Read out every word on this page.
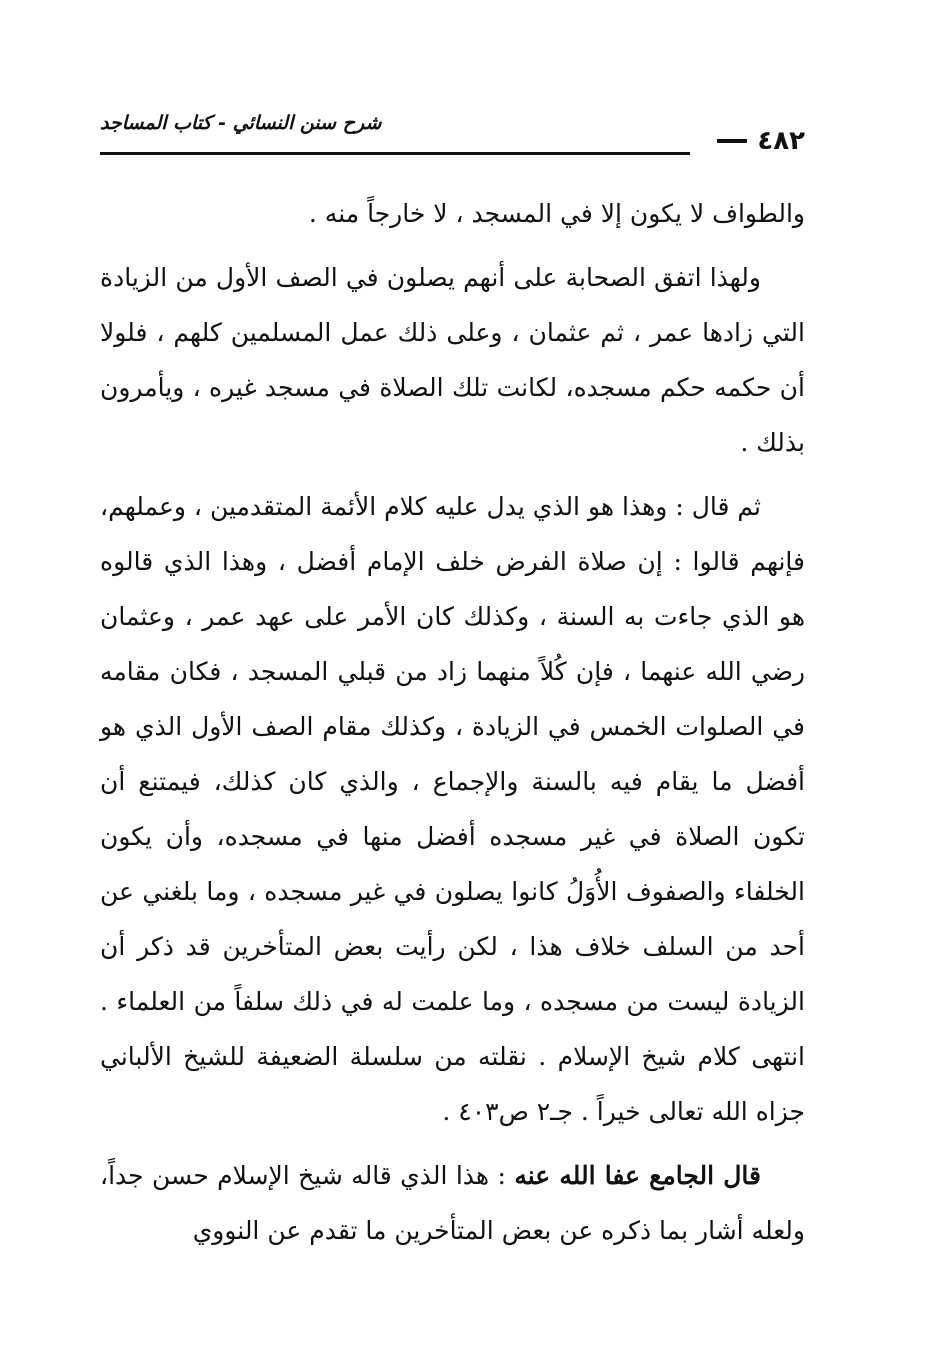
٤٨٢
شرح سنن النسائي - كتاب المساجد

والطواف لا يكون إلا في المسجد ، لا خارجاً منه .

ولهذا اتفق الصحابة على أنهم يصلون في الصف الأول من الزيادة التي زادها عمر ، ثم عثمان ، وعلى ذلك عمل المسلمين كلهم ، فلولا أن حكمه حكم مسجده، لكانت تلك الصلاة في مسجد غيره ، ويأمرون بذلك .

ثم قال : وهذا هو الذي يدل عليه كلام الأئمة المتقدمين ، وعملهم، فإنهم قالوا : إن صلاة الفرض خلف الإمام أفضل ، وهذا الذي قالوه هو الذي جاءت به السنة ، وكذلك كان الأمر على عهد عمر ، وعثمان رضي الله عنهما ، فإن كُلاً منهما زاد من قبلي المسجد ، فكان مقامه في الصلوات الخمس في الزيادة ، وكذلك مقام الصف الأول الذي هو أفضل ما يقام فيه بالسنة والإجماع ، والذي كان كذلك، فيمتنع أن تكون الصلاة في غير مسجده أفضل منها في مسجده، وأن يكون الخلفاء والصفوف الأُوَلُ كانوا يصلون في غير مسجده ، وما بلغني عن أحد من السلف خلاف هذا ، لكن رأيت بعض المتأخرين قد ذكر أن الزيادة ليست من مسجده ، وما علمت له في ذلك سلفاً من العلماء . انتهى كلام شيخ الإسلام . نقلته من سلسلة الضعيفة للشيخ الألباني جزاه الله تعالى خيراً . جـ٢ ص٤٠٣ .

قال الجامع عفا الله عنه : هذا الذي قاله شيخ الإسلام حسن جداً، ولعله أشار بما ذكره عن بعض المتأخرين ما تقدم عن النووي
